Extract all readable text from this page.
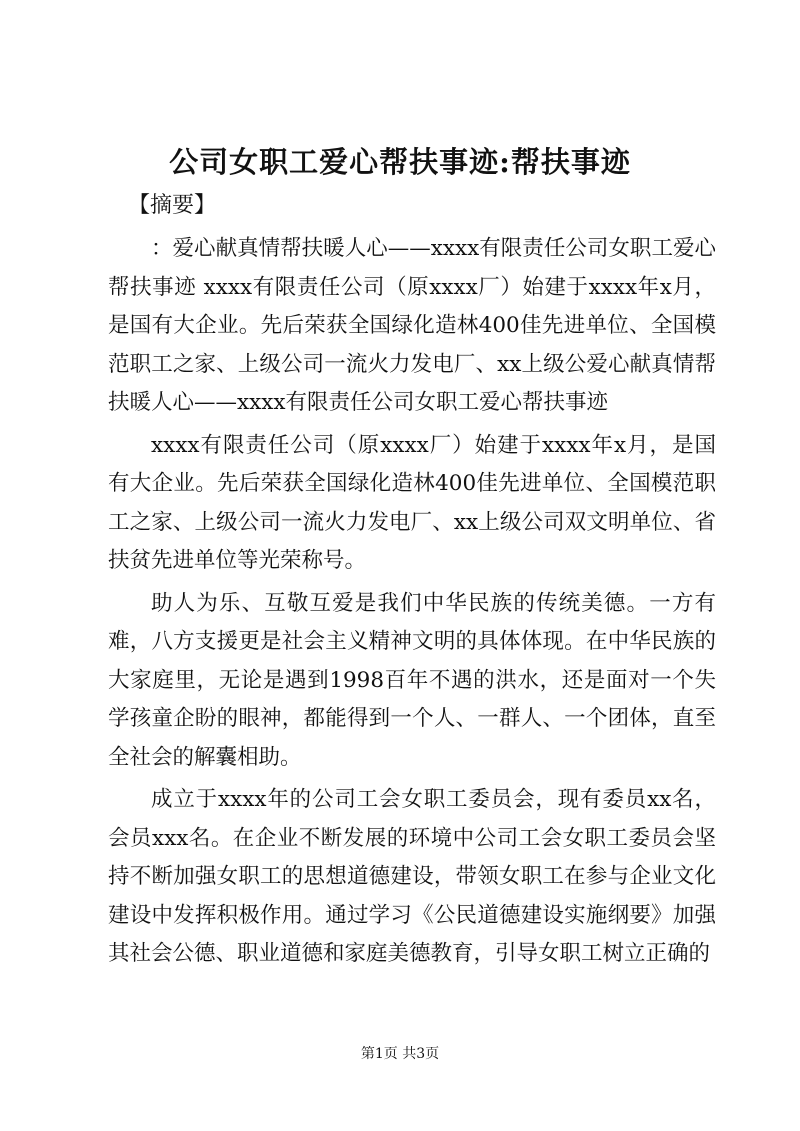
公司女职工爱心帮扶事迹:帮扶事迹
【摘要】

：爱心献真情帮扶暖人心——xxxx有限责任公司女职工爱心帮扶事迹 xxxx有限责任公司（原xxxx厂）始建于xxxx年x月，是国有大企业。先后荣获全国绿化造林400佳先进单位、全国模范职工之家、上级公司一流火力发电厂、xx上级公爱心献真情帮扶暖人心——xxxx有限责任公司女职工爱心帮扶事迹

xxxx有限责任公司（原xxxx厂）始建于xxxx年x月，是国有大企业。先后荣获全国绿化造林400佳先进单位、全国模范职工之家、上级公司一流火力发电厂、xx上级公司双文明单位、省扶贫先进单位等光荣称号。

助人为乐、互敬互爱是我们中华民族的传统美德。一方有难，八方支援更是社会主义精神文明的具体体现。在中华民族的大家庭里，无论是遇到1998百年不遇的洪水，还是面对一个失学孩童企盼的眼神，都能得到一个人、一群人、一个团体，直至全社会的解囊相助。

成立于xxxx年的公司工会女职工委员会，现有委员xx名，会员xxx名。在企业不断发展的环境中公司工会女职工委员会坚持不断加强女职工的思想道德建设，带领女职工在参与企业文化建设中发挥积极作用。通过学习《公民道德建设实施纲要》加强其社会公德、职业道德和家庭美德教育，引导女职工树立正确的

第1页 共3页
